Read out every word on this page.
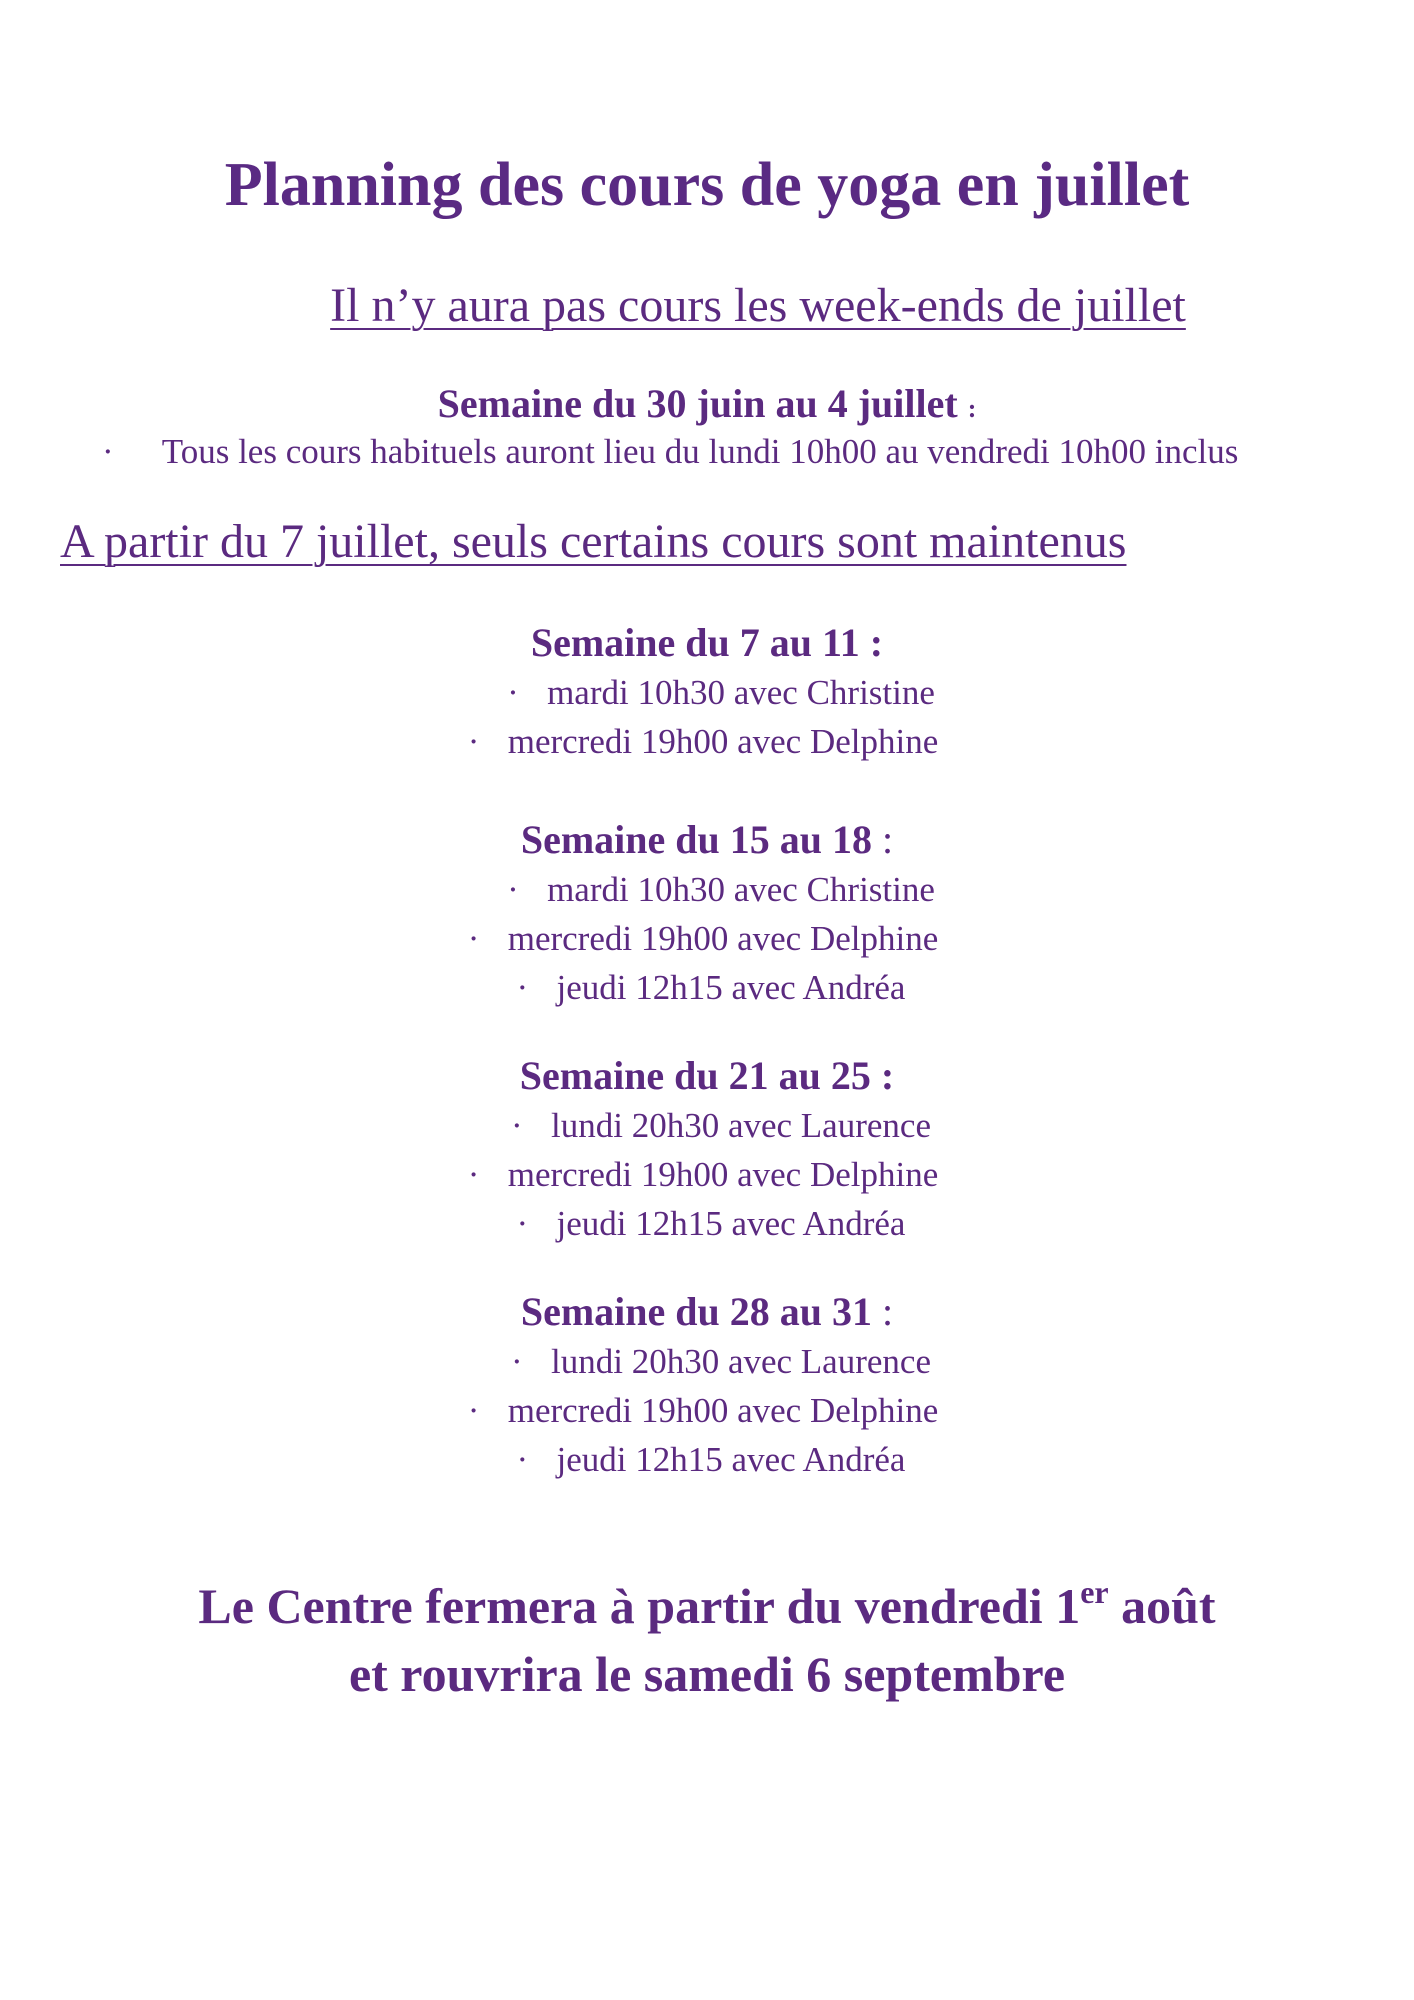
Planning des cours de yoga en juillet
Il n’y aura pas cours les week-ends de juillet
Semaine du 30 juin au 4 juillet :
· Tous les cours habituels auront lieu du lundi 10h00 au vendredi 10h00 inclus
A partir du 7 juillet, seuls certains cours sont maintenus
Semaine du 7 au 11 :
· mardi 10h30 avec Christine
· mercredi 19h00 avec Delphine
Semaine du 15 au 18 :
· mardi 10h30 avec Christine
· mercredi 19h00 avec Delphine
· jeudi 12h15 avec Andréa
Semaine du 21 au 25 :
· lundi 20h30 avec Laurence
· mercredi 19h00 avec Delphine
· jeudi 12h15 avec Andréa
Semaine du 28 au 31 :
· lundi 20h30 avec Laurence
· mercredi 19h00 avec Delphine
· jeudi 12h15 avec Andréa
Le Centre fermera à partir du vendredi 1er août
et rouvrira le samedi 6 septembre
